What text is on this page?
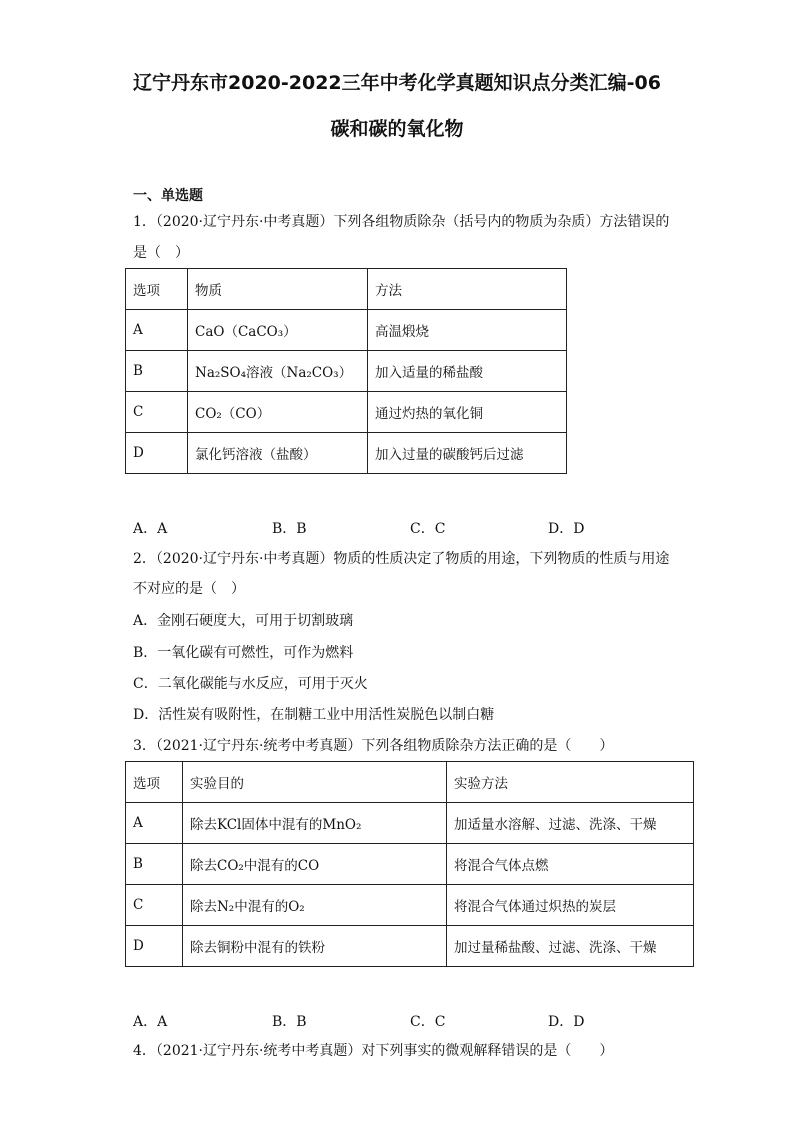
辽宁丹东市2020-2022三年中考化学真题知识点分类汇编-06
碳和碳的氧化物
一、单选题
1．（2020·辽宁丹东·中考真题）下列各组物质除杂（括号内的物质为杂质）方法错误的
是（　）
选项	物质	方法
A	CaO（CaCO₃）	高温煅烧
B	Na₂SO₄溶液（Na₂CO₃）	加入适量的稀盐酸
C	CO₂（CO）	通过灼热的氧化铜
D	氯化钙溶液（盐酸）	加入过量的碳酸钙后过滤
A．A	B．B	C．C	D．D
2．（2020·辽宁丹东·中考真题）物质的性质决定了物质的用途，下列物质的性质与用途
不对应的是（　）
A．金刚石硬度大，可用于切割玻璃
B．一氧化碳有可燃性，可作为燃料
C．二氧化碳能与水反应，可用于灭火
D．活性炭有吸附性，在制糖工业中用活性炭脱色以制白糖
3．（2021·辽宁丹东·统考中考真题）下列各组物质除杂方法正确的是（　　）
选项	实验目的	实验方法
A	除去KCl固体中混有的MnO₂	加适量水溶解、过滤、洗涤、干燥
B	除去CO₂中混有的CO	将混合气体点燃
C	除去N₂中混有的O₂	将混合气体通过炽热的炭层
D	除去铜粉中混有的铁粉	加过量稀盐酸、过滤、洗涤、干燥
A．A	B．B	C．C	D．D
4．（2021·辽宁丹东·统考中考真题）对下列事实的微观解释错误的是（　　）
